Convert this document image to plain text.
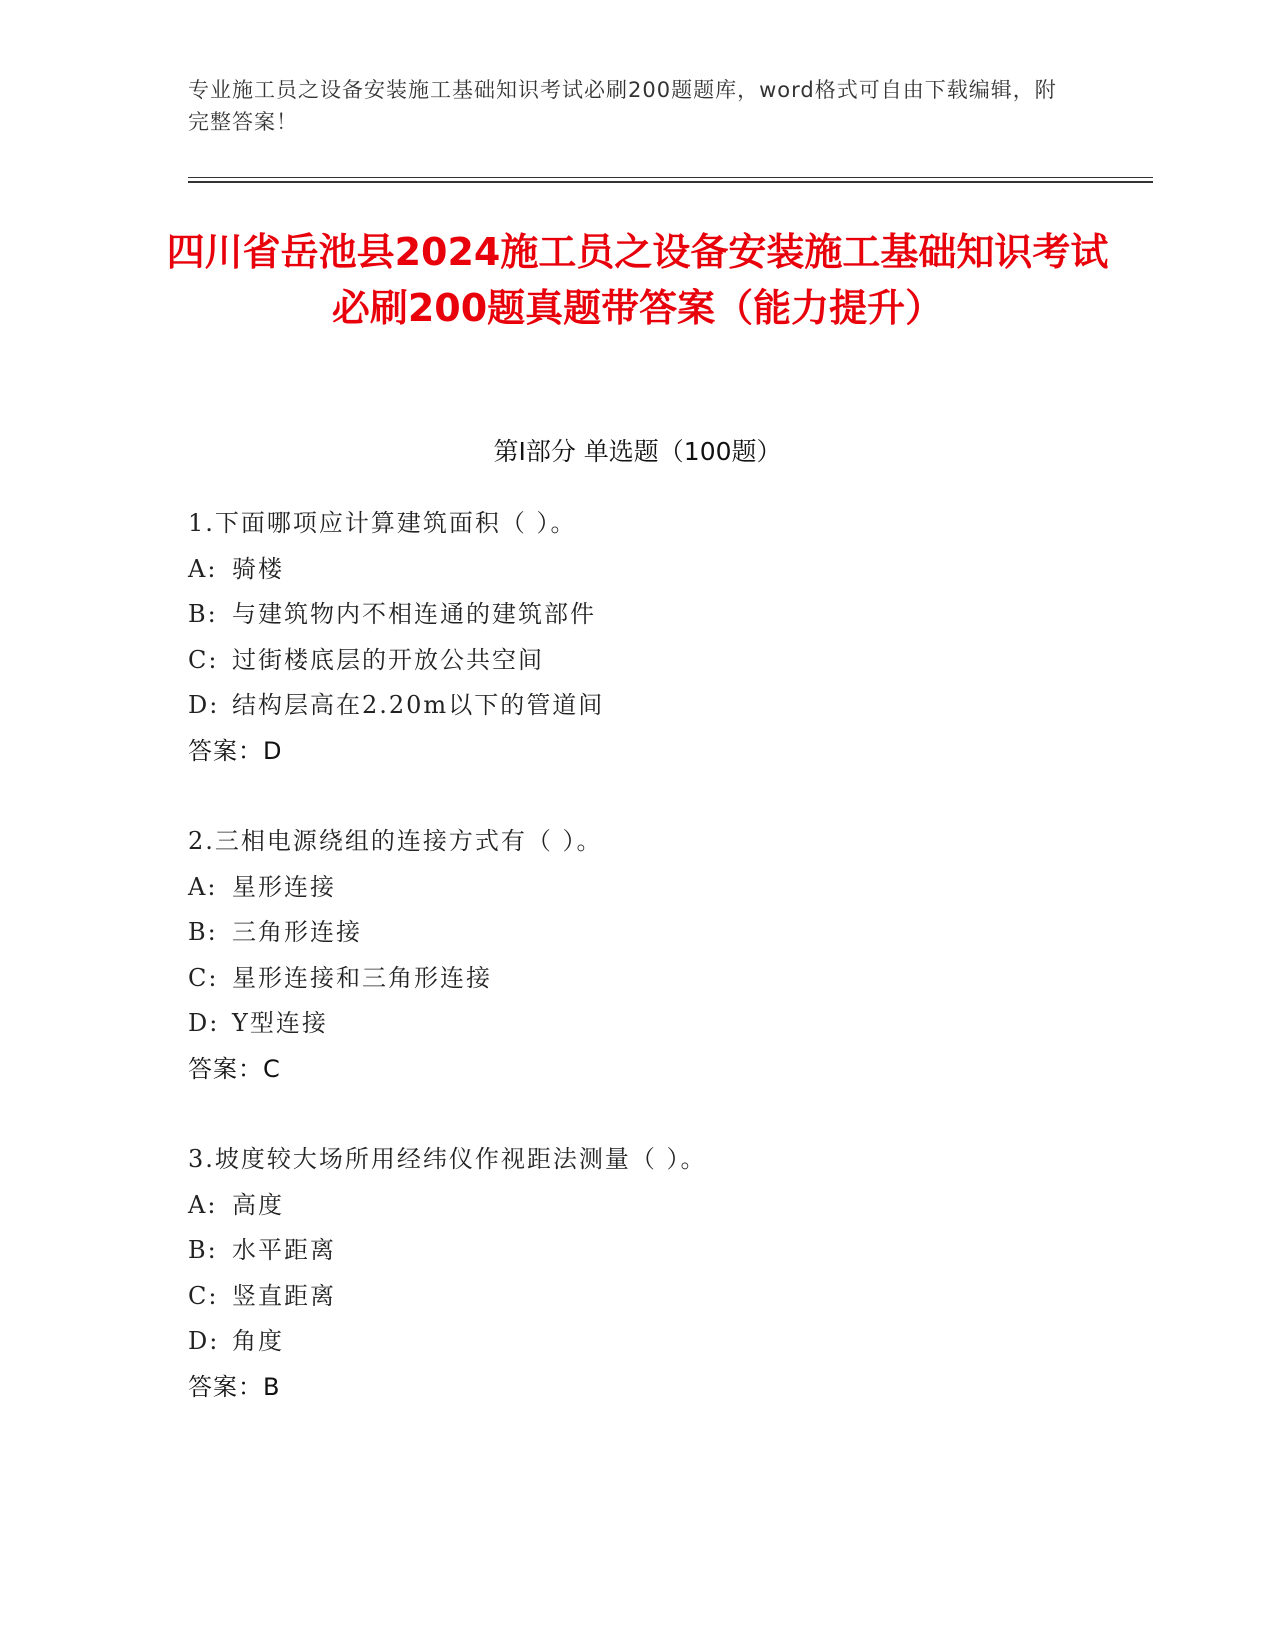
专业施工员之设备安装施工基础知识考试必刷200题题库，word格式可自由下载编辑，附完整答案！
四川省岳池县2024施工员之设备安装施工基础知识考试必刷200题真题带答案（能力提升）
第Ⅰ部分 单选题（100题）
1.下面哪项应计算建筑面积（ ）。
A: 骑楼
B: 与建筑物内不相连通的建筑部件
C: 过街楼底层的开放公共空间
D: 结构层高在2.20m以下的管道间
答案：D
2.三相电源绕组的连接方式有（ ）。
A: 星形连接
B: 三角形连接
C: 星形连接和三角形连接
D: Y型连接
答案：C
3.坡度较大场所用经纬仪作视距法测量（ ）。
A: 高度
B: 水平距离
C: 竖直距离
D: 角度
答案：B
